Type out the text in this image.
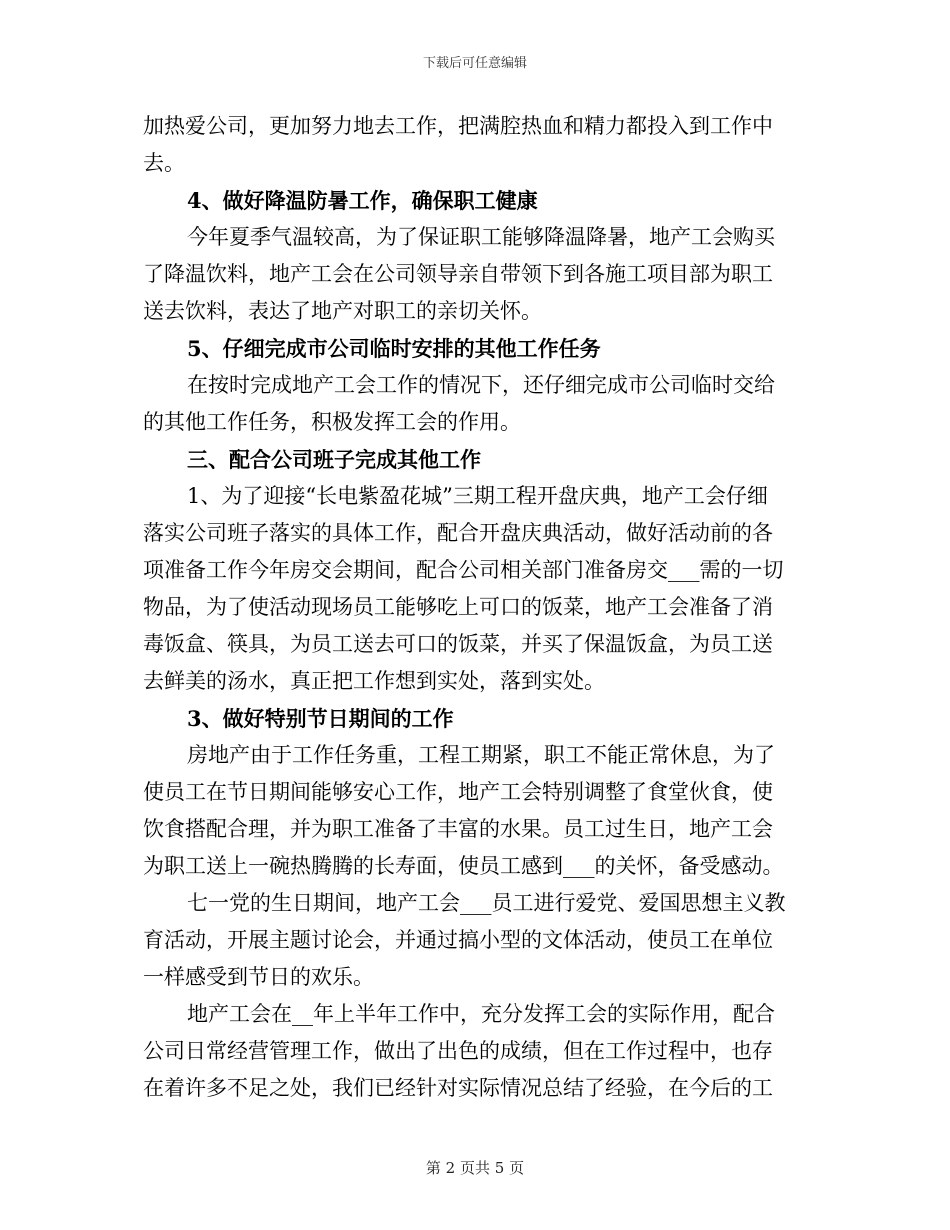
下载后可任意编辑
加热爱公司，更加努力地去工作，把满腔热血和精力都投入到工作中
去。
4、做好降温防暑工作，确保职工健康
今年夏季气温较高，为了保证职工能够降温降暑，地产工会购买
了降温饮料，地产工会在公司领导亲自带领下到各施工项目部为职工
送去饮料，表达了地产对职工的亲切关怀。
5、仔细完成市公司临时安排的其他工作任务
在按时完成地产工会工作的情况下，还仔细完成市公司临时交给
的其他工作任务，积极发挥工会的作用。
三、配合公司班子完成其他工作
1、为了迎接“长电紫盈花城”三期工程开盘庆典，地产工会仔细
落实公司班子落实的具体工作，配合开盘庆典活动，做好活动前的各
项准备工作今年房交会期间，配合公司相关部门准备房交___需的一切
物品，为了使活动现场员工能够吃上可口的饭菜，地产工会准备了消
毒饭盒、筷具，为员工送去可口的饭菜，并买了保温饭盒，为员工送
去鲜美的汤水，真正把工作想到实处，落到实处。
3、做好特别节日期间的工作
房地产由于工作任务重，工程工期紧，职工不能正常休息，为了
使员工在节日期间能够安心工作，地产工会特别调整了食堂伙食，使
饮食搭配合理，并为职工准备了丰富的水果。员工过生日，地产工会
为职工送上一碗热腾腾的长寿面，使员工感到___的关怀，备受感动。
七一党的生日期间，地产工会___员工进行爱党、爱国思想主义教
育活动，开展主题讨论会，并通过搞小型的文体活动，使员工在单位
一样感受到节日的欢乐。
地产工会在__年上半年工作中，充分发挥工会的实际作用，配合
公司日常经营管理工作，做出了出色的成绩，但在工作过程中，也存
在着许多不足之处，我们已经针对实际情况总结了经验，在今后的工
第 2 页共 5 页
